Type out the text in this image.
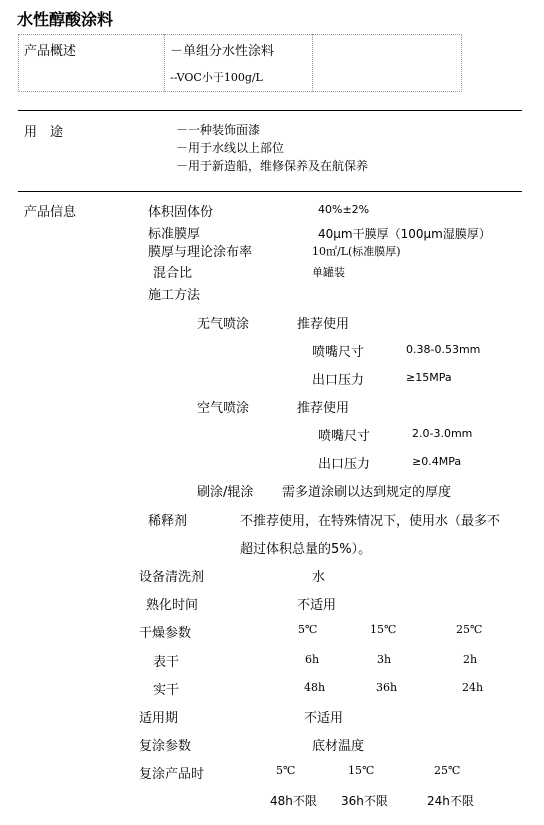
水性醇酸涂料
产品概述	－单组分水性涂料
--VOC小于100g/L
用　途	－一种装饰面漆
－用于水线以上部位
－用于新造船，维修保养及在航保养
产品信息	体积固体份	40%±2%
标准膜厚	40μm干膜厚（100μm湿膜厚）
膜厚与理论涂布率	10㎡/L(标准膜厚)
混合比	单罐装
施工方法
无气喷涂	推荐使用
喷嘴尺寸	0.38-0.53mm
出口压力	≥15MPa
空气喷涂	推荐使用
喷嘴尺寸	2.0-3.0mm
出口压力	≥0.4MPa
刷涂/辊涂 需多道涂刷以达到规定的厚度
稀释剂	不推荐使用，在特殊情况下，使用水（最多不
超过体积总量的5%）。
设备清洗剂	水
熟化时间	不适用
干燥参数	5℃	15℃	25℃
表干	6h	3h	2h
实干	48h	36h	24h
适用期	不适用
复涂参数	底材温度
复涂产品时	5℃	15℃	25℃
48h不限 36h不限	24h不限
